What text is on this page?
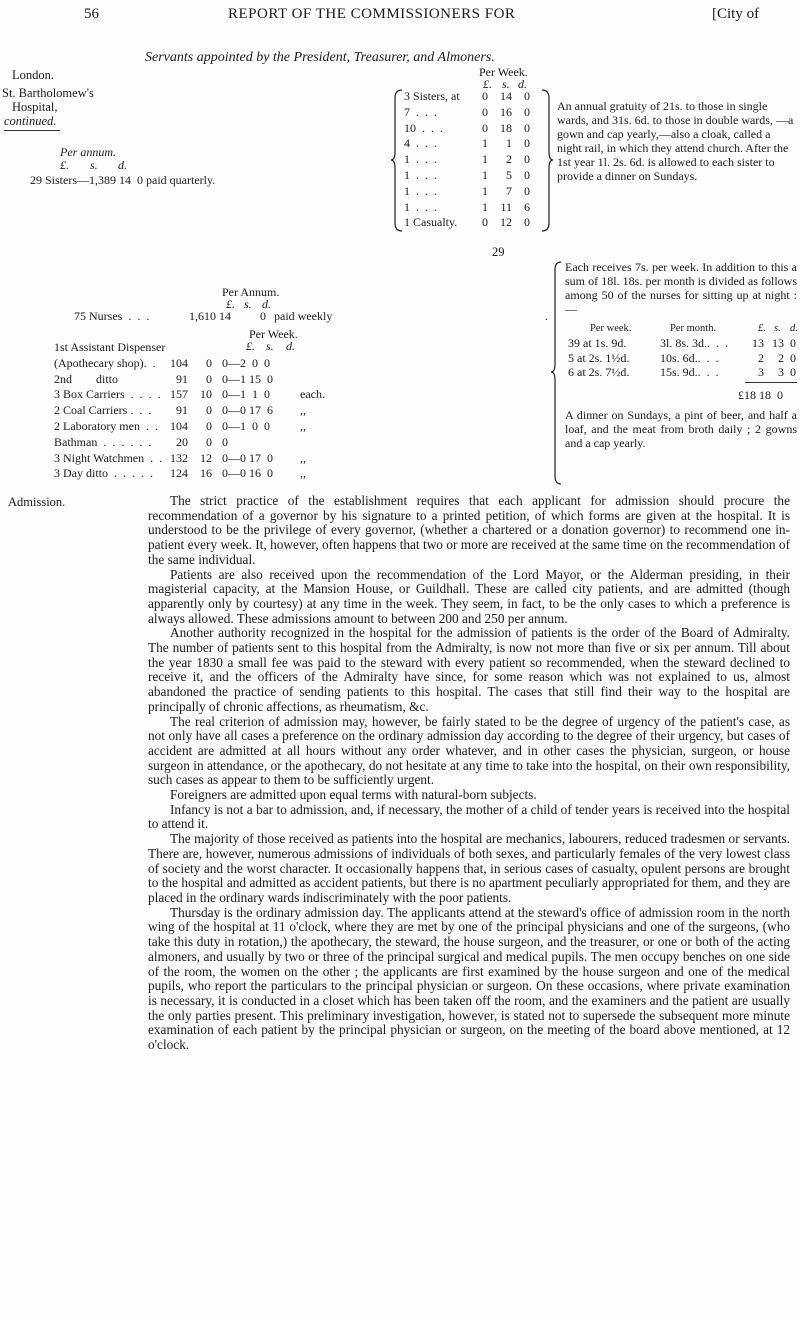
56	REPORT OF THE COMMISSIONERS FOR	[City of
London.
St. Bartholomew's
Hospital,
continued.
Admission.
Servants appointed by the President, Treasurer, and Almoners.
Per annum.
£. s. d.
29 Sisters—1,389 14  0 paid quarterly.
Per Week.
£. s. d.
3 Sisters, at	0	14	0
7  .  .  .	0	16	0
10  .  .  .	0	18	0
4  .  .  .	1	1	0
1  .  .  .	1	2	0
1  .  .  .	1	5	0
1  .  .  .	1	7	0
1  .  .  .	1	11	6
1 Casualty.	0	12	0
An annual gratuity of 21s. to those in single wards, and 31s. 6d. to those in double wards, —a gown and cap yearly,—also a cloak, called a night rail, in which they attend church. After the 1st year 1l. 2s. 6d. is allowed to each sister to provide a dinner on Sundays.
29
Per Annum.
£. s. d.
75 Nurses  .  .  .	1,610 14 0 paid weekly	.
Per Week.
£. s. d.
1st Assistant Dispenser
(Apothecary shop).  .	104	0 0—2  0  0
2nd        ditto	91	0 0—1 15  0
3 Box Carriers  .  .  .  . 157	10 0—1  1  0	each.
2 Coal Carriers .  .  .	91	0 0—0 17  6 ,,
2 Laboratory men  .  .	104	0 0—1  0  0	,,
Bathman  .  .  .  .  .  .	20	0 0
3 Night Watchmen  .  . 132	12 0—0 17  0 ,,
3 Day ditto  .  .  .  .  .	124	16 0—0 16  0 ,,
Each receives 7s. per week. In addition to this a sum of 18l. 18s. per month is divided as follows among 50 of the nurses for sitting up at night :—
Per week.	Per month.	£. s. d.
39 at 1s. 9d.	3l. 8s. 3d..  .  .	13 13 0
5 at 2s. 1½d.	10s. 6d..  .  .	2	2 0
6 at 2s. 7½d.	15s. 9d..  .  .	3	3 0
£18 18  0
A dinner on Sundays, a pint of beer, and half a loaf, and the meat from broth daily ; 2 gowns and a cap yearly.

The strict practice of the establishment requires that each applicant for admission should procure the recommendation of a governor by his signature to a printed petition, of which forms are given at the hospital. It is understood to be the privilege of every governor, (whether a chartered or a donation governor) to recommend one in-patient every week. It, however, often happens that two or more are received at the same time on the recommendation of the same individual.

Patients are also received upon the recommendation of the Lord Mayor, or the Alderman presiding, in their magisterial capacity, at the Mansion House, or Guildhall. These are called city patients, and are admitted (though apparently only by courtesy) at any time in the week. They seem, in fact, to be the only cases to which a preference is always allowed. These admissions amount to between 200 and 250 per annum.

Another authority recognized in the hospital for the admission of patients is the order of the Board of Admiralty. The number of patients sent to this hospital from the Admiralty, is now not more than five or six per annum. Till about the year 1830 a small fee was paid to the steward with every patient so recommended, when the steward declined to receive it, and the officers of the Admiralty have since, for some reason which was not explained to us, almost abandoned the practice of sending patients to this hospital. The cases that still find their way to the hospital are principally of chronic affections, as rheumatism, &c.

The real criterion of admission may, however, be fairly stated to be the degree of urgency of the patient's case, as not only have all cases a preference on the ordinary admission day according to the degree of their urgency, but cases of accident are admitted at all hours without any order whatever, and in other cases the physician, surgeon, or house surgeon in attendance, or the apothecary, do not hesitate at any time to take into the hospital, on their own responsibility, such cases as appear to them to be sufficiently urgent.

Foreigners are admitted upon equal terms with natural-born subjects.

Infancy is not a bar to admission, and, if necessary, the mother of a child of tender years is received into the hospital to attend it.

The majority of those received as patients into the hospital are mechanics, labourers, reduced tradesmen or servants. There are, however, numerous admissions of individuals of both sexes, and particularly females of the very lowest class of society and the worst character. It occasionally happens that, in serious cases of casualty, opulent persons are brought to the hospital and admitted as accident patients, but there is no apartment peculiarly appropriated for them, and they are placed in the ordinary wards indiscriminately with the poor patients.

Thursday is the ordinary admission day. The applicants attend at the steward's office of admission room in the north wing of the hospital at 11 o'clock, where they are met by one of the principal physicians and one of the surgeons, (who take this duty in rotation,) the apothecary, the steward, the house surgeon, and the treasurer, or one or both of the acting almoners, and usually by two or three of the principal surgical and medical pupils. The men occupy benches on one side of the room, the women on the other ; the applicants are first examined by the house surgeon and one of the medical pupils, who report the particulars to the principal physician or surgeon. On these occasions, where private examination is necessary, it is conducted in a closet which has been taken off the room, and the examiners and the patient are usually the only parties present. This preliminary investigation, however, is stated not to supersede the subsequent more minute examination of each patient by the principal physician or surgeon, on the meeting of the board above mentioned, at 12 o'clock.
